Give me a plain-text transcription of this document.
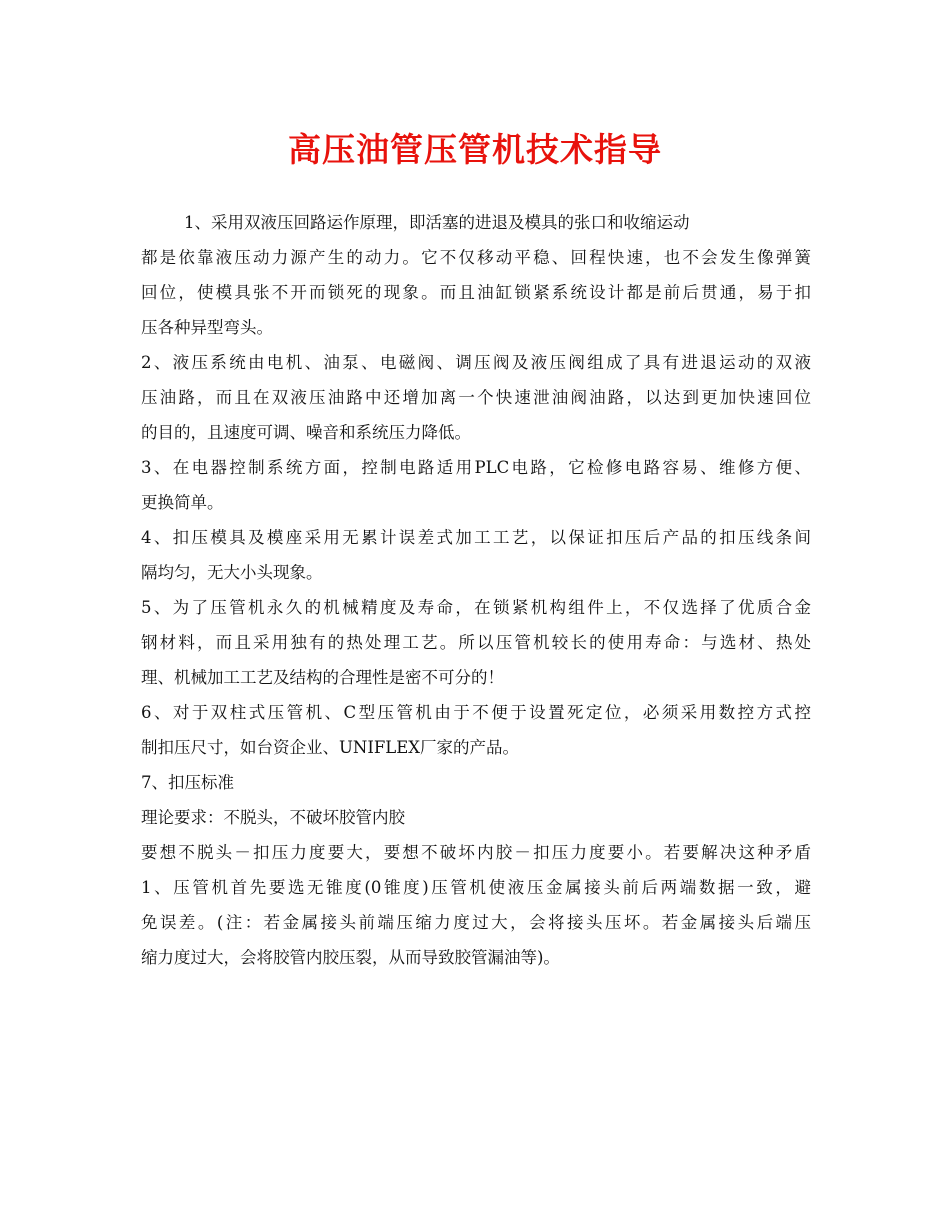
高压油管压管机技术指导
1、采用双液压回路运作原理，即活塞的进退及模具的张口和收缩运动
都是依靠液压动力源产生的动力。它不仅移动平稳、回程快速，也不会发生像弹簧
回位，使模具张不开而锁死的现象。而且油缸锁紧系统设计都是前后贯通，易于扣
压各种异型弯头。
2、液压系统由电机、油泵、电磁阀、调压阀及液压阀组成了具有进退运动的双液
压油路，而且在双液压油路中还增加离一个快速泄油阀油路，以达到更加快速回位
的目的，且速度可调、噪音和系统压力降低。
3、在电器控制系统方面，控制电路适用PLC电路，它检修电路容易、维修方便、
更换简单。
4、扣压模具及模座采用无累计误差式加工工艺，以保证扣压后产品的扣压线条间
隔均匀，无大小头现象。
5、为了压管机永久的机械精度及寿命，在锁紧机构组件上，不仅选择了优质合金
钢材料，而且采用独有的热处理工艺。所以压管机较长的使用寿命：与选材、热处
理、机械加工工艺及结构的合理性是密不可分的！
6、对于双柱式压管机、C型压管机由于不便于设置死定位，必须采用数控方式控
制扣压尺寸，如台资企业、UNIFLEX厂家的产品。
7、扣压标准
理论要求：不脱头，不破坏胶管内胶
要想不脱头－扣压力度要大，要想不破坏内胶－扣压力度要小。若要解决这种矛盾
1、压管机首先要选无锥度(0锥度)压管机使液压金属接头前后两端数据一致，避
免误差。(注：若金属接头前端压缩力度过大，会将接头压坏。若金属接头后端压
缩力度过大，会将胶管内胶压裂，从而导致胶管漏油等)。
